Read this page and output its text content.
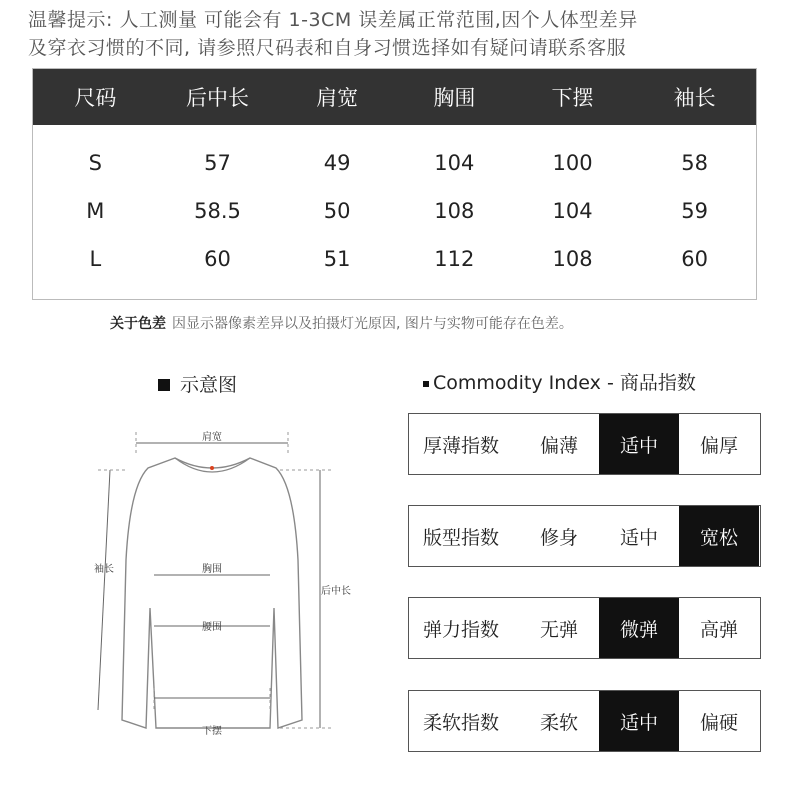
温馨提示: 人工测量 可能会有 1-3CM 误差属正常范围,因个人体型差异
及穿衣习惯的不同, 请参照尺码表和自身习惯选择如有疑问请联系客服
尺码	后中长	肩宽	胸围	下摆	袖长
S	57	49	104	100	58
M	58.5	50	108	104	59
L	60	51	112	108	60
关于色差 因显示器像素差异以及拍摄灯光原因, 图片与实物可能存在色差。
示意图
肩宽
袖长	胸围
腰围
后中长
下摆
Commodity Index - 商品指数
厚薄指数	偏薄	适中	偏厚
版型指数	修身	适中	宽松
弹力指数	无弹	微弹	高弹
柔软指数	柔软	适中	偏硬
